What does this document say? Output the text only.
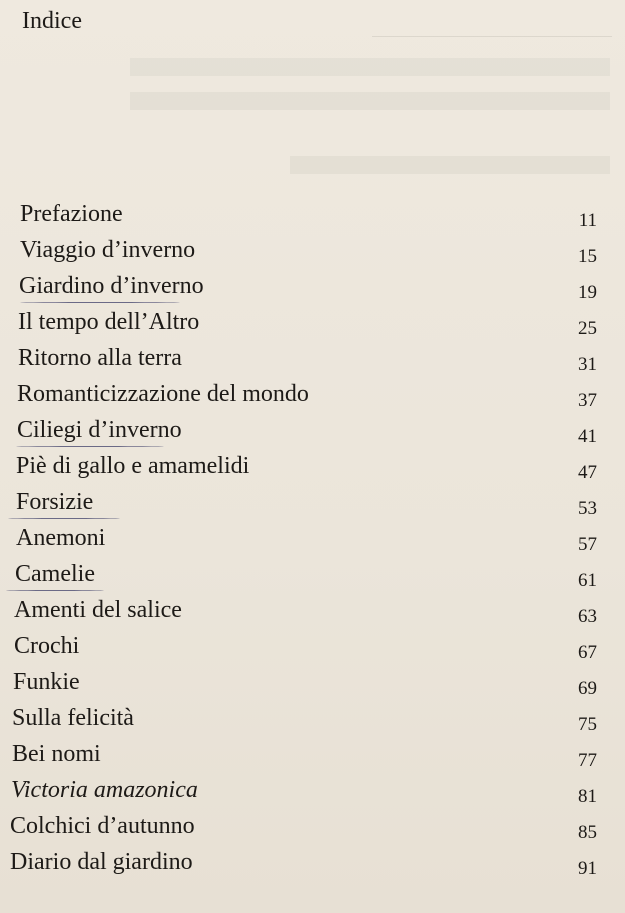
Indice
Prefazione	11
Viaggio d’inverno	15
Giardino d’inverno	19
Il tempo dell’Altro	25
Ritorno alla terra	31
Romanticizzazione del mondo	37
Ciliegi d’inverno	41
Piè di gallo e amamelidi	47
Forsizie	53
Anemoni	57
Camelie	61
Amenti del salice	63
Crochi	67
Funkie	69
Sulla felicità	75
Bei nomi	77
Victoria amazonica	81
Colchici d’autunno	85
Diario dal giardino	91
